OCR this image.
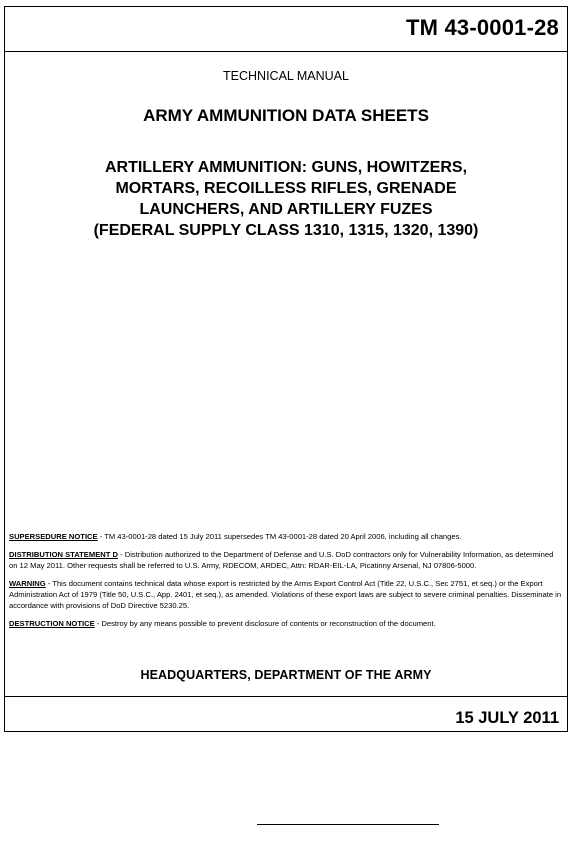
TM 43-0001-28

TECHNICAL MANUAL

ARMY AMMUNITION DATA SHEETS
ARTILLERY AMMUNITION: GUNS, HOWITZERS,
MORTARS, RECOILLESS RIFLES, GRENADE
LAUNCHERS, AND ARTILLERY FUZES
(FEDERAL SUPPLY CLASS 1310, 1315, 1320, 1390)

SUPERSEDURE NOTICE - TM 43-0001-28 dated 15 July 2011 supersedes TM 43-0001-28 dated 20 April 2006, including all changes.

DISTRIBUTION STATEMENT D - Distribution authorized to the Department of Defense and U.S. DoD contractors only for Vulnerability Information, as determined on 12 May 2011. Other requests shall be referred to U.S. Army, RDECOM, ARDEC, Attn: RDAR-EIL-LA, Picatinny Arsenal, NJ 07806-5000.

WARNING - This document contains technical data whose export is restricted by the Arms Export Control Act (Title 22, U.S.C., Sec 2751, et seq.) or the Export Administration Act of 1979 (Title 50, U.S.C., App. 2401, et seq.), as amended. Violations of these export laws are subject to severe criminal penalties. Disseminate in accordance with provisions of DoD Directive 5230.25.

DESTRUCTION NOTICE - Destroy by any means possible to prevent disclosure of contents or reconstruction of the document.

HEADQUARTERS, DEPARTMENT OF THE ARMY

15 JULY 2011
